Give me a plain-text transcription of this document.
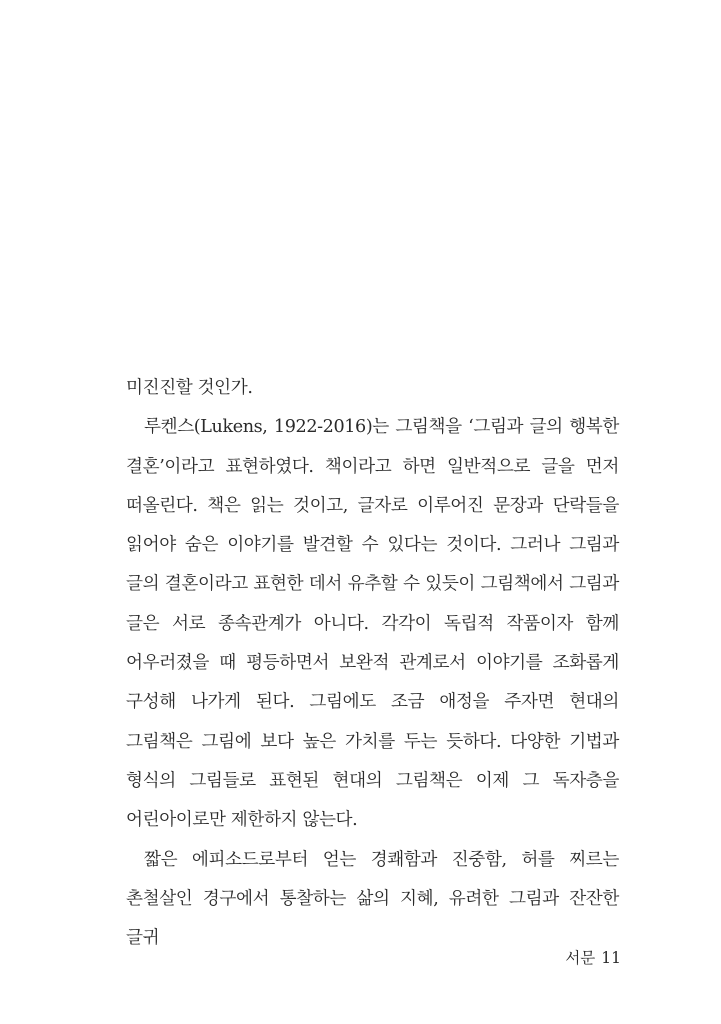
미진진할 것인가.

루켄스(Lukens, 1922-2016)는 그림책을 ‘그림과 글의 행복한 결혼’이라고 표현하였다. 책이라고 하면 일반적으로 글을 먼저 떠올린다. 책은 읽는 것이고, 글자로 이루어진 문장과 단락들을 읽어야 숨은 이야기를 발견할 수 있다는 것이다. 그러나 그림과 글의 결혼이라고 표현한 데서 유추할 수 있듯이 그림책에서 그림과 글은 서로 종속관계가 아니다. 각각이 독립적 작품이자 함께 어우러졌을 때 평등하면서 보완적 관계로서 이야기를 조화롭게 구성해 나가게 된다. 그림에도 조금 애정을 주자면 현대의 그림책은 그림에 보다 높은 가치를 두는 듯하다. 다양한 기법과 형식의 그림들로 표현된 현대의 그림책은 이제 그 독자층을 어린아이로만 제한하지 않는다.

짧은 에피소드로부터 얻는 경쾌함과 진중함, 허를 찌르는 촌철살인 경구에서 통찰하는 삶의 지혜, 유려한 그림과 잔잔한 글귀

서문 11
